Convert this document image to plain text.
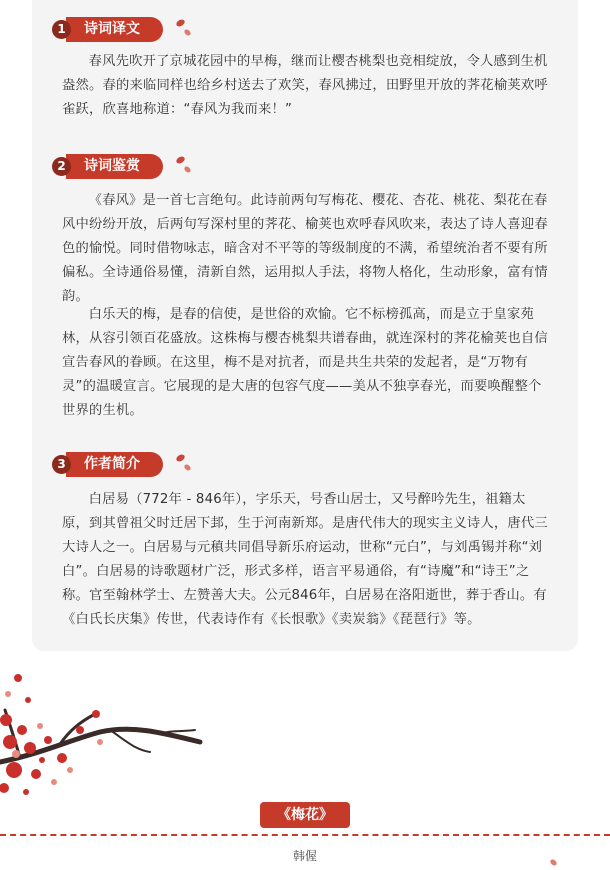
1	诗词译文

春风先吹开了京城花园中的早梅，继而让樱杏桃梨也竞相绽放，令人感到生机盎然。春的来临同样也给乡村送去了欢笑，春风拂过，田野里开放的荠花榆荚欢呼雀跃，欣喜地称道：“春风为我而来！”

2	诗词鉴赏

《春风》是一首七言绝句。此诗前两句写梅花、樱花、杏花、桃花、梨花在春风中纷纷开放，后两句写深村里的荠花、榆荚也欢呼春风吹来，表达了诗人喜迎春色的愉悦。同时借物咏志，暗含对不平等的等级制度的不满，希望统治者不要有所偏私。全诗通俗易懂，清新自然，运用拟人手法，将物人格化，生动形象，富有情韵。

白乐天的梅，是春的信使，是世俗的欢愉。它不标榜孤高，而是立于皇家苑林，从容引领百花盛放。这株梅与樱杏桃梨共谱春曲，就连深村的荠花榆荚也自信宣告春风的眷顾。在这里，梅不是对抗者，而是共生共荣的发起者，是“万物有灵”的温暖宣言。它展现的是大唐的包容气度——美从不独享春光，而要唤醒整个世界的生机。

3	作者简介

白居易（772年 - 846年），字乐天，号香山居士，又号醉吟先生，祖籍太原，到其曾祖父时迁居下邽，生于河南新郑。是唐代伟大的现实主义诗人，唐代三大诗人之一。白居易与元稹共同倡导新乐府运动，世称“元白”，与刘禹锡并称“刘白”。白居易的诗歌题材广泛，形式多样，语言平易通俗，有“诗魔”和“诗王”之称。官至翰林学士、左赞善大夫。公元846年，白居易在洛阳逝世，葬于香山。有《白氏长庆集》传世，代表诗作有《长恨歌》《卖炭翁》《琵琶行》等。

《梅花》
韩偓
